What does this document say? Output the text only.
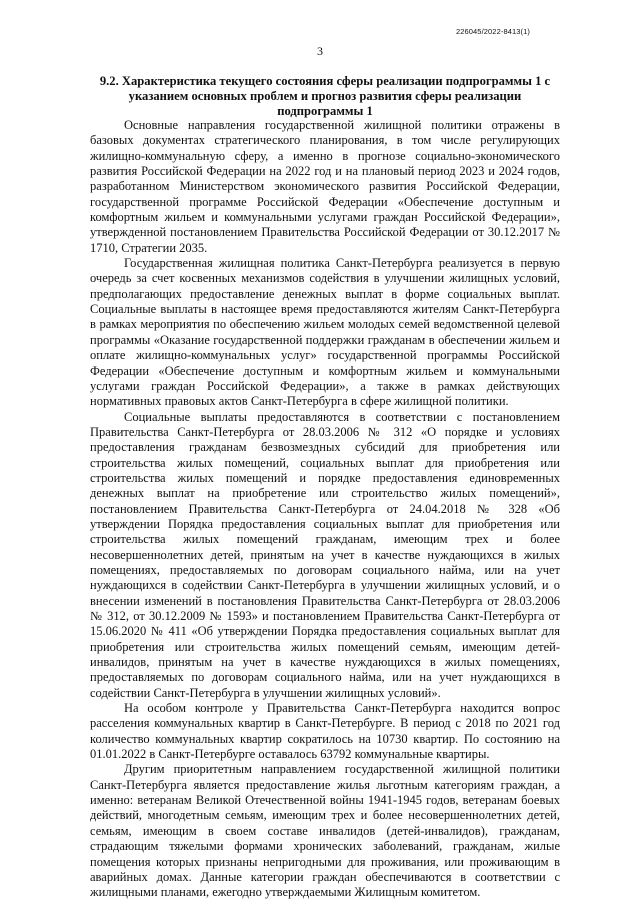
226045/2022-8413(1)
3
9.2. Характеристика текущего состояния сферы реализации подпрограммы 1 с указанием основных проблем и прогноз развития сферы реализации подпрограммы 1

Основные направления государственной жилищной политики отражены в базовых документах стратегического планирования, в том числе регулирующих жилищно-коммунальную сферу, а именно в прогнозе социально-экономического развития Российской Федерации на 2022 год и на плановый период 2023 и 2024 годов, разработанном Министерством экономического развития Российской Федерации, государственной программе Российской Федерации «Обеспечение доступным и комфортным жильем и коммунальными услугами граждан Российской Федерации», утвержденной постановлением Правительства Российской Федерации от 30.12.2017 № 1710, Стратегии 2035.

Государственная жилищная политика Санкт-Петербурга реализуется в первую очередь за счет косвенных механизмов содействия в улучшении жилищных условий, предполагающих предоставление денежных выплат в форме социальных выплат. Социальные выплаты в настоящее время предоставляются жителям Санкт-Петербурга в рамках мероприятия по обеспечению жильем молодых семей ведомственной целевой программы «Оказание государственной поддержки гражданам в обеспечении жильем и оплате жилищно-коммунальных услуг» государственной программы Российской Федерации «Обеспечение доступным и комфортным жильем и коммунальными услугами граждан Российской Федерации», а также в рамках действующих нормативных правовых актов Санкт-Петербурга в сфере жилищной политики.

Социальные выплаты предоставляются в соответствии с постановлением Правительства Санкт-Петербурга от 28.03.2006 № 312 «О порядке и условиях предоставления гражданам безвозмездных субсидий для приобретения или строительства жилых помещений, социальных выплат для приобретения или строительства жилых помещений и порядке предоставления единовременных денежных выплат на приобретение или строительство жилых помещений», постановлением Правительства Санкт-Петербурга от 24.04.2018 № 328 «Об утверждении Порядка предоставления социальных выплат для приобретения или строительства жилых помещений гражданам, имеющим трех и более несовершеннолетних детей, принятым на учет в качестве нуждающихся в жилых помещениях, предоставляемых по договорам социального найма, или на учет нуждающихся в содействии Санкт-Петербурга в улучшении жилищных условий, и о внесении изменений в постановления Правительства Санкт-Петербурга от 28.03.2006 № 312, от 30.12.2009 № 1593» и постановлением Правительства Санкт-Петербурга от 15.06.2020 № 411 «Об утверждении Порядка предоставления социальных выплат для приобретения или строительства жилых помещений семьям, имеющим детей-инвалидов, принятым на учет в качестве нуждающихся в жилых помещениях, предоставляемых по договорам социального найма, или на учет нуждающихся в содействии Санкт-Петербурга в улучшении жилищных условий».

На особом контроле у Правительства Санкт-Петербурга находится вопрос расселения коммунальных квартир в Санкт-Петербурге. В период с 2018 по 2021 год количество коммунальных квартир сократилось на 10730 квартир. По состоянию на 01.01.2022 в Санкт-Петербурге оставалось 63792 коммунальные квартиры.

Другим приоритетным направлением государственной жилищной политики Санкт-Петербурга является предоставление жилья льготным категориям граждан, а именно: ветеранам Великой Отечественной войны 1941-1945 годов, ветеранам боевых действий, многодетным семьям, имеющим трех и более несовершеннолетних детей, семьям, имеющим в своем составе инвалидов (детей-инвалидов), гражданам, страдающим тяжелыми формами хронических заболеваний, гражданам, жилые помещения которых признаны непригодными для проживания, или проживающим в аварийных домах. Данные категории граждан обеспечиваются в соответствии с жилищными планами, ежегодно утверждаемыми Жилищным комитетом.
